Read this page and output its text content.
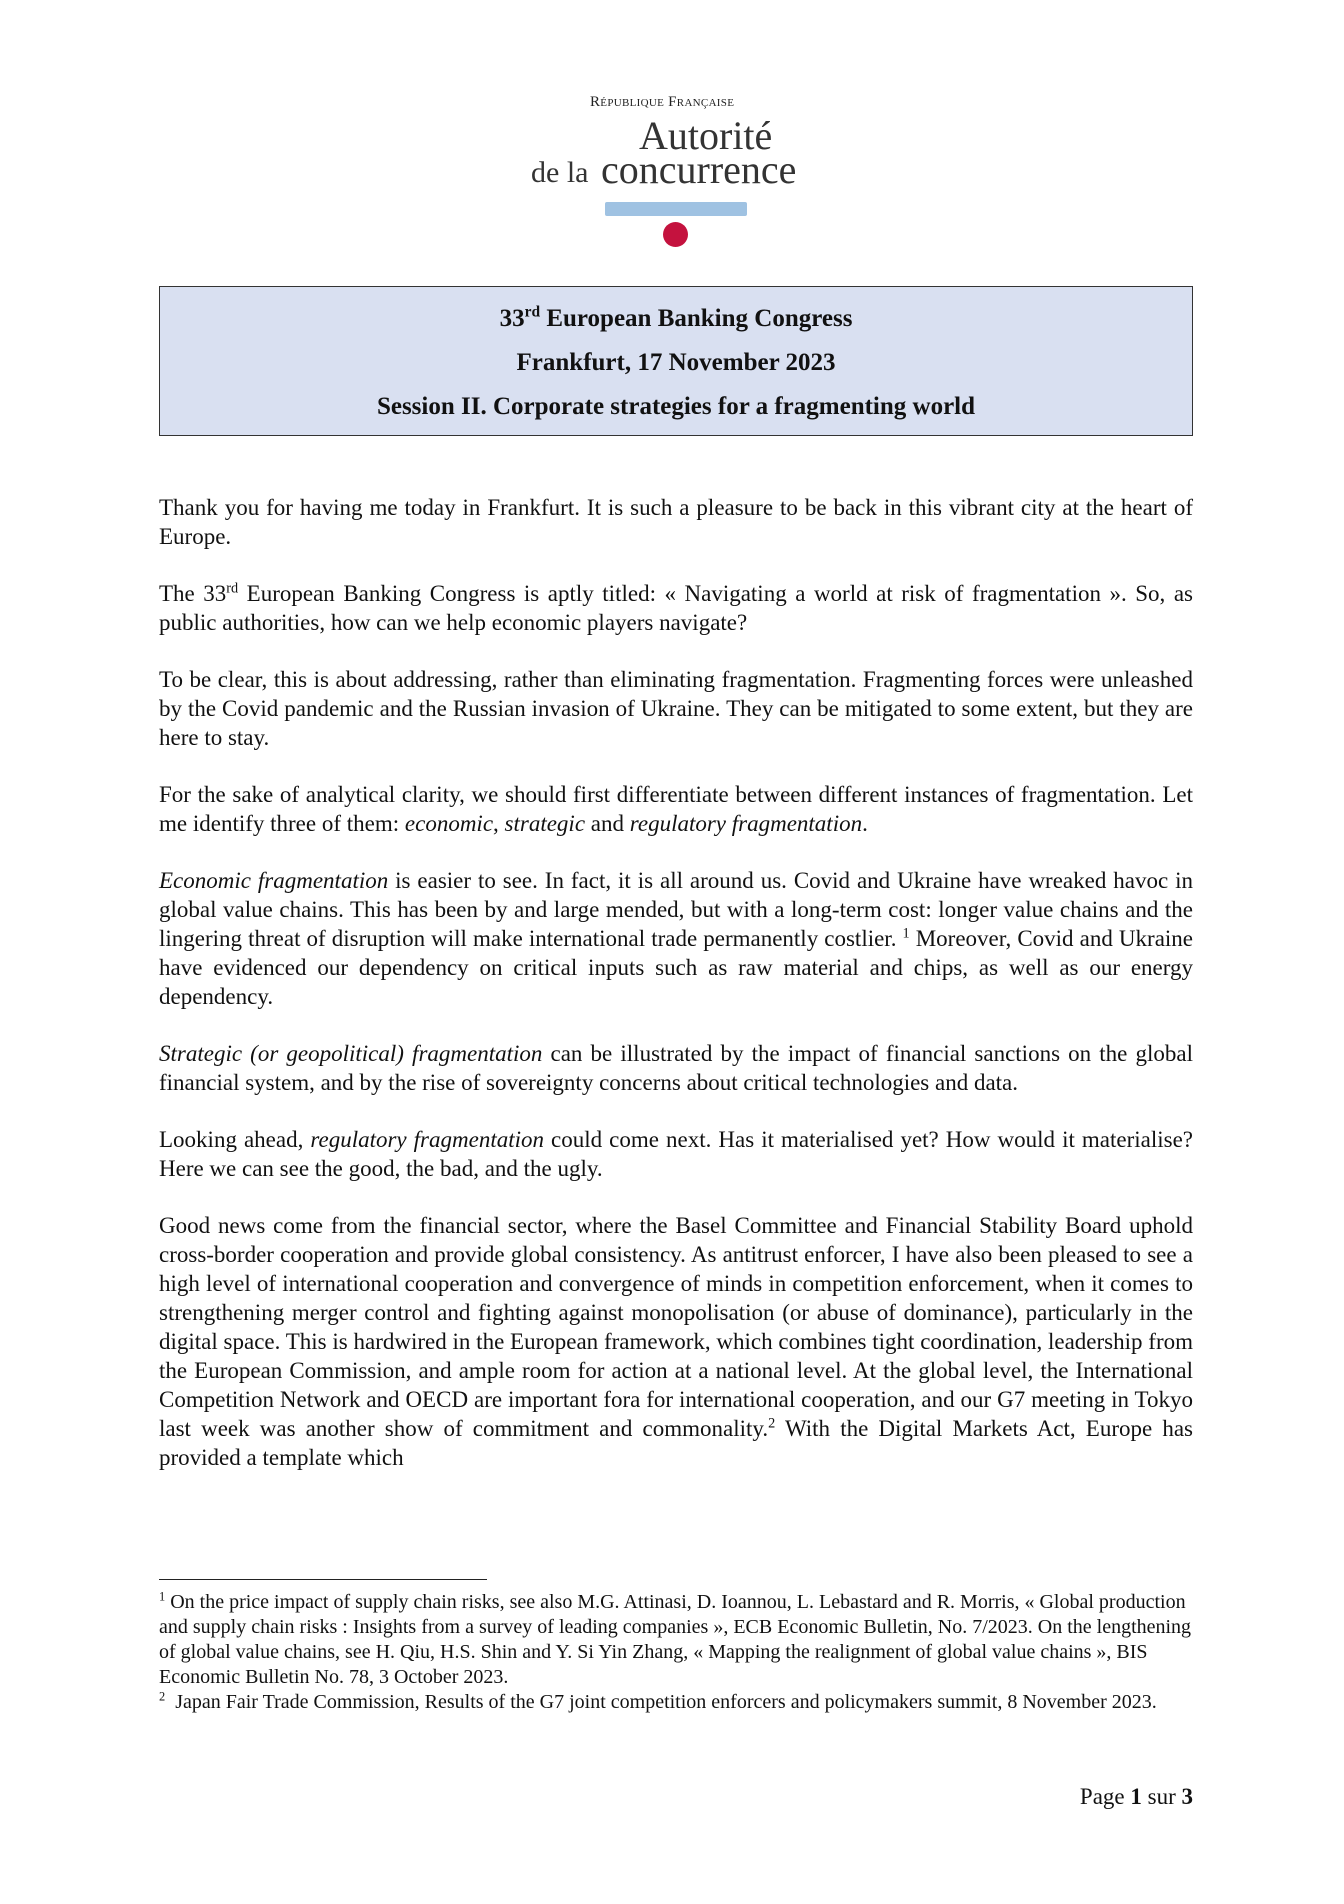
République Française
Autorité
de la concurrence
33rd European Banking Congress
Frankfurt, 17 November 2023
Session II. Corporate strategies for a fragmenting world

Thank you for having me today in Frankfurt. It is such a pleasure to be back in this vibrant city at the heart of Europe.

The 33rd European Banking Congress is aptly titled: « Navigating a world at risk of fragmentation ». So, as public authorities, how can we help economic players navigate?

To be clear, this is about addressing, rather than eliminating fragmentation. Fragmenting forces were unleashed by the Covid pandemic and the Russian invasion of Ukraine. They can be mitigated to some extent, but they are here to stay.

For the sake of analytical clarity, we should first differentiate between different instances of fragmentation. Let me identify three of them: economic, strategic and regulatory fragmentation.

Economic fragmentation is easier to see. In fact, it is all around us. Covid and Ukraine have wreaked havoc in global value chains. This has been by and large mended, but with a long-term cost: longer value chains and the lingering threat of disruption will make international trade permanently costlier. $^1$ Moreover, Covid and Ukraine have evidenced our dependency on critical inputs such as raw material and chips, as well as our energy dependency.

Strategic (or geopolitical) fragmentation can be illustrated by the impact of financial sanctions on the global financial system, and by the rise of sovereignty concerns about critical technologies and data.

Looking ahead, regulatory fragmentation could come next. Has it materialised yet? How would it materialise? Here we can see the good, the bad, and the ugly.

Good news come from the financial sector, where the Basel Committee and Financial Stability Board uphold cross-border cooperation and provide global consistency. As antitrust enforcer, I have also been pleased to see a high level of international cooperation and convergence of minds in competition enforcement, when it comes to strengthening merger control and fighting against monopolisation (or abuse of dominance), particularly in the digital space. This is hardwired in the European framework, which combines tight coordination, leadership from the European Commission, and ample room for action at a national level. At the global level, the International Competition Network and OECD are important fora for international cooperation, and our G7 meeting in Tokyo last week was another show of commitment and commonality.$^2$ With the Digital Markets Act, Europe has provided a template which

$^1$ On the price impact of supply chain risks, see also M.G. Attinasi, D. Ioannou, L. Lebastard and R. Morris, « Global production and supply chain risks : Insights from a survey of leading companies », ECB Economic Bulletin, No. 7/2023. On the lengthening of global value chains, see H. Qiu, H.S. Shin and Y. Si Yin Zhang, « Mapping the realignment of global value chains », BIS Economic Bulletin No. 78, 3 October 2023.

$^2$  Japan Fair Trade Commission, Results of the G7 joint competition enforcers and policymakers summit, 8 November 2023.

Page 1 sur 3
